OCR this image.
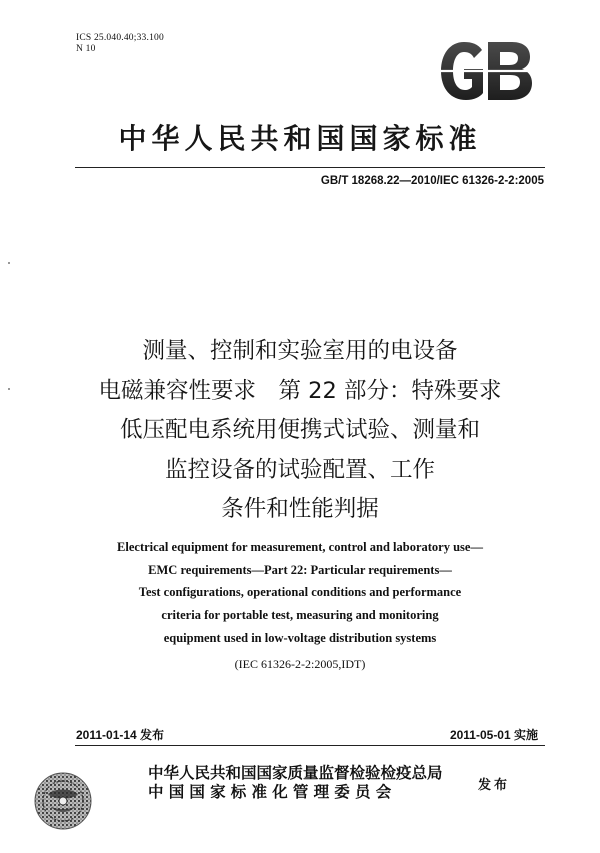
ICS 25.040.40;33.100
N 10
中华人民共和国国家标准
GB/T 18268.22—2010/IEC 61326-2-2:2005
测量、控制和实验室用的电设备
电磁兼容性要求　第 22 部分：特殊要求
低压配电系统用便携式试验、测量和
监控设备的试验配置、工作
条件和性能判据
Electrical equipment for measurement, control and laboratory use—
EMC requirements—Part 22: Particular requirements—
Test configurations, operational conditions and performance
criteria for portable test, measuring and monitoring
equipment used in low-voltage distribution systems
(IEC 61326-2-2:2005,IDT)
2011-01-14 发布	2011-05-01 实施
中华人民共和国国家质量监督检验检疫总局
中国国家标准化管理委员会	发布
